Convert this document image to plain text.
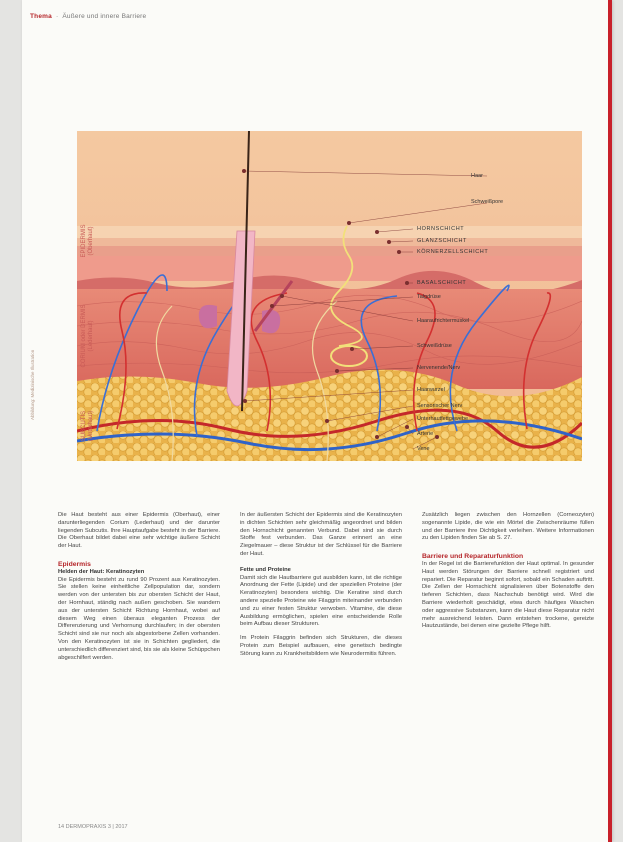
Thema  ·  Äußere und innere Barriere
EPIDERMIS (Oberhaut)
CORIUM oder DERMIS (Lederhaut)
SUBCUTIS (Unterhaut)
Haar
Schweißpore
HORNSCHICHT
GLANZSCHICHT
KÖRNERZELLSCHICHT
BASALSCHICHT
Talgdrüse
Haaraufrichtermuskel
Schweißdrüse
Nervenende/Nerv
Haarwurzel
Sensorischer Nerv
Unterhautfettgewebe
Arterie
Vene
Abbildung: Medizinische Illustration

Die Haut besteht aus einer Epidermis (Oberhaut), einer darunterliegenden Corium (Lederhaut) und der darunter liegenden Subcutis. Ihre Hauptaufgabe besteht in der Barriere. Die Oberhaut bildet dabei eine sehr wichtige äußere Schicht der Haut.

Epidermis
Helden der Haut: Keratinozyten

Die Epidermis besteht zu rund 90 Prozent aus Keratinozyten. Sie stellen keine einheitliche Zellpopulation dar, sondern werden von der untersten bis zur obersten Schicht der Haut, der Hornhaut, ständig nach außen geschoben. Sie wandern aus der untersten Schicht Richtung Hornhaut, wobei auf diesem Weg einen überaus eleganten Prozess der Differenzierung und Verhornung durchlaufen; in der obersten Schicht sind sie nur noch als abgestorbene Zellen vorhanden. Von den Keratinozyten ist sie in Schichten gegliedert, die unterschiedlich differenziert sind, bis sie als kleine Schüppchen abgeschilfert werden.

In der äußersten Schicht der Epidermis sind die Keratinozyten in dichten Schichten sehr gleichmäßig angeordnet und bilden den Hornschicht genannten Verbund. Dabei sind sie durch Stoffe fest verbunden. Das Ganze erinnert an eine Ziegelmauer – diese Struktur ist der Schlüssel für die Barriere der Haut.

Fette und Proteine

Damit sich die Hautbarriere gut ausbilden kann, ist die richtige Anordnung der Fette (Lipide) und der speziellen Proteine (der Keratinozyten) besonders wichtig. Die Keratine sind durch andere spezielle Proteine wie Filaggrin miteinander verbunden und zu einer festen Struktur verwoben. Vitamine, die diese Ausbildung ermöglichen, spielen eine entscheidende Rolle beim Aufbau dieser Strukturen.

Im Protein Filaggrin befinden sich Strukturen, die dieses Protein zum Beispiel aufbauen, eine genetisch bedingte Störung kann zu Krankheitsbildern wie Neurodermitis führen.

Zusätzlich liegen zwischen den Hornzellen (Corneozyten) sogenannte Lipide, die wie ein Mörtel die Zwischenräume füllen und der Barriere ihre Dichtigkeit verleihen. Weitere Informationen zu den Lipiden finden Sie ab S. 27.

Barriere und Reparaturfunktion

In der Regel ist die Barrierefunktion der Haut optimal. In gesunder Haut werden Störungen der Barriere schnell registriert und repariert. Die Reparatur beginnt sofort, sobald ein Schaden auftritt. Die Zellen der Hornschicht signalisieren über Botenstoffe den tieferen Schichten, dass Nachschub benötigt wird. Wird die Barriere wiederholt geschädigt, etwa durch häufiges Waschen oder aggressive Substanzen, kann die Haut diese Reparatur nicht mehr ausreichend leisten. Dann entstehen trockene, gereizte Hautzustände, bei denen eine gezielte Pflege hilft.

14 DERMOPRAXIS 3 | 2017
